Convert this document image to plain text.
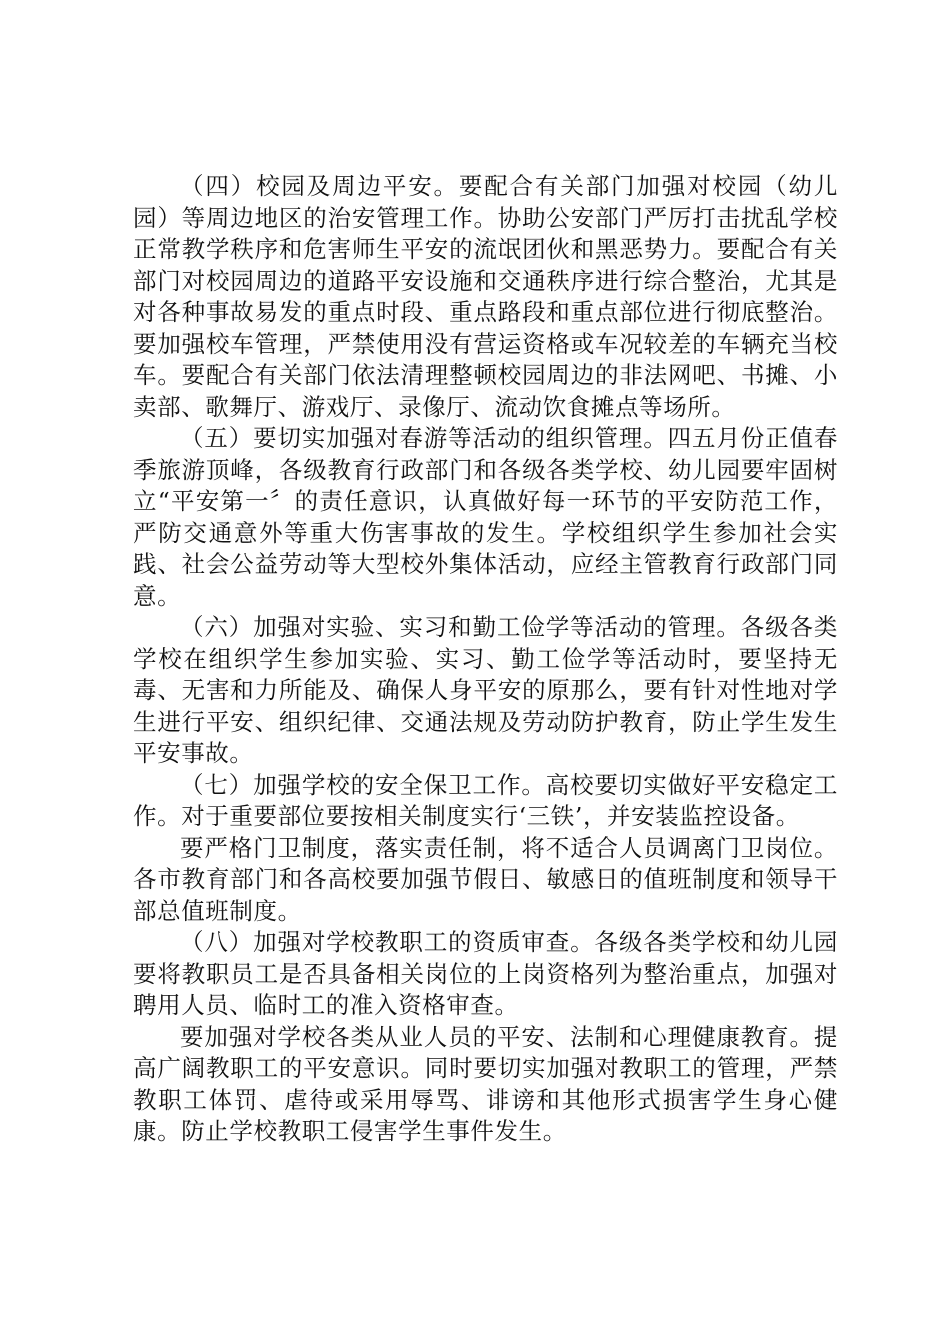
（四）校园及周边平安。要配合有关部门加强对校园（幼儿园）等周边地区的治安管理工作。协助公安部门严厉打击扰乱学校正常教学秩序和危害师生平安的流氓团伙和黑恶势力。要配合有关部门对校园周边的道路平安设施和交通秩序进行综合整治，尤其是对各种事故易发的重点时段、重点路段和重点部位进行彻底整治。要加强校车管理，严禁使用没有营运资格或车况较差的车辆充当校车。要配合有关部门依法清理整顿校园周边的非法网吧、书摊、小卖部、歌舞厅、游戏厅、录像厅、流动饮食摊点等场所。

（五）要切实加强对春游等活动的组织管理。四五月份正值春季旅游顶峰，各级教育行政部门和各级各类学校、幼儿园要牢固树立“平安第一〞的责任意识，认真做好每一环节的平安防范工作，严防交通意外等重大伤害事故的发生。学校组织学生参加社会实践、社会公益劳动等大型校外集体活动，应经主管教育行政部门同意。

（六）加强对实验、实习和勤工俭学等活动的管理。各级各类学校在组织学生参加实验、实习、勤工俭学等活动时，要坚持无毒、无害和力所能及、确保人身平安的原那么，要有针对性地对学生进行平安、组织纪律、交通法规及劳动防护教育，防止学生发生平安事故。

（七）加强学校的安全保卫工作。高校要切实做好平安稳定工作。对于重要部位要按相关制度实行‘三铁’，并安装监控设备。

要严格门卫制度，落实责任制，将不适合人员调离门卫岗位。各市教育部门和各高校要加强节假日、敏感日的值班制度和领导干部总值班制度。

（八）加强对学校教职工的资质审查。各级各类学校和幼儿园要将教职员工是否具备相关岗位的上岗资格列为整治重点，加强对聘用人员、临时工的准入资格审查。

要加强对学校各类从业人员的平安、法制和心理健康教育。提高广阔教职工的平安意识。同时要切实加强对教职工的管理，严禁教职工体罚、虐待或采用辱骂、诽谤和其他形式损害学生身心健康。防止学校教职工侵害学生事件发生。
